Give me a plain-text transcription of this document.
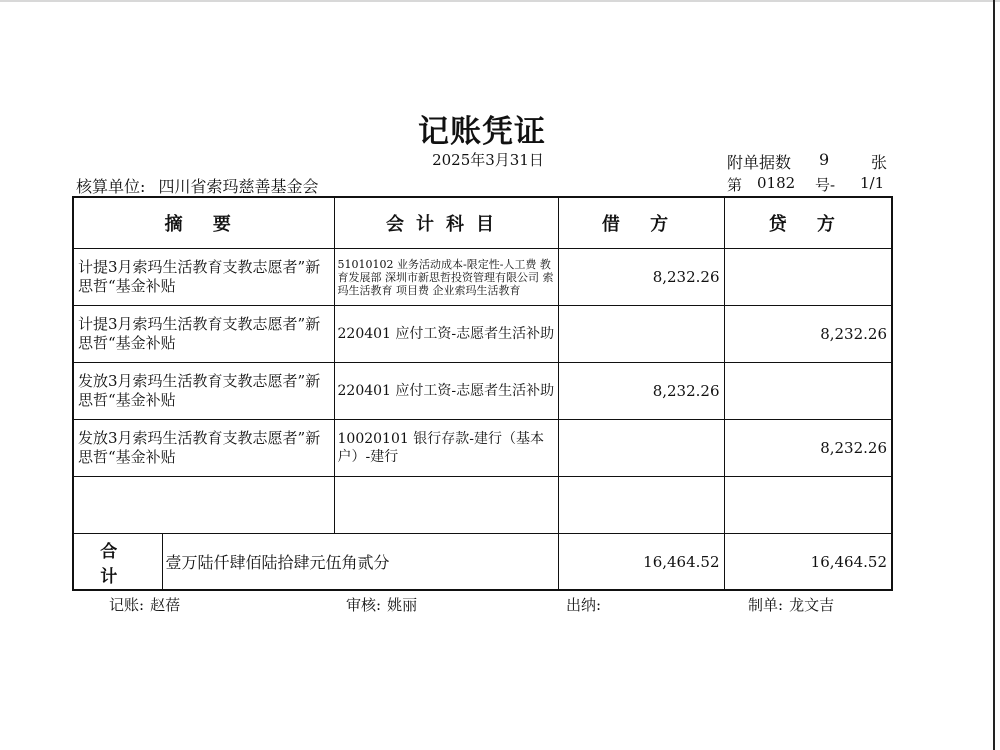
记账凭证
2025年3月31日
核算单位: 四川省索玛慈善基金会
附单据数 9	张
第 0182 号- 1/1
摘 要		会计科目	借 方	贷 方
计提3月索玛生活教育支教志愿者”新思哲“基金补贴		51010102 业务活动成本-限定性-人工费 教育发展部 深圳市新思哲投资管理有限公司 索玛生活教育 项目费 企业索玛生活教育	8,232.26	
计提3月索玛生活教育支教志愿者”新思哲“基金补贴		220401 应付工资-志愿者生活补助		8,232.26
发放3月索玛生活教育支教志愿者”新思哲“基金补贴		220401 应付工资-志愿者生活补助	8,232.26	
发放3月索玛生活教育支教志愿者”新思哲“基金补贴		10020101 银行存款-建行（基本户）-建行		8,232.26

合 计	壹万陆仟肆佰陆拾肆元伍角贰分		16,464.52	16,464.52
记账: 赵蓓	审核: 姚丽	出纳:	制单: 龙文吉
